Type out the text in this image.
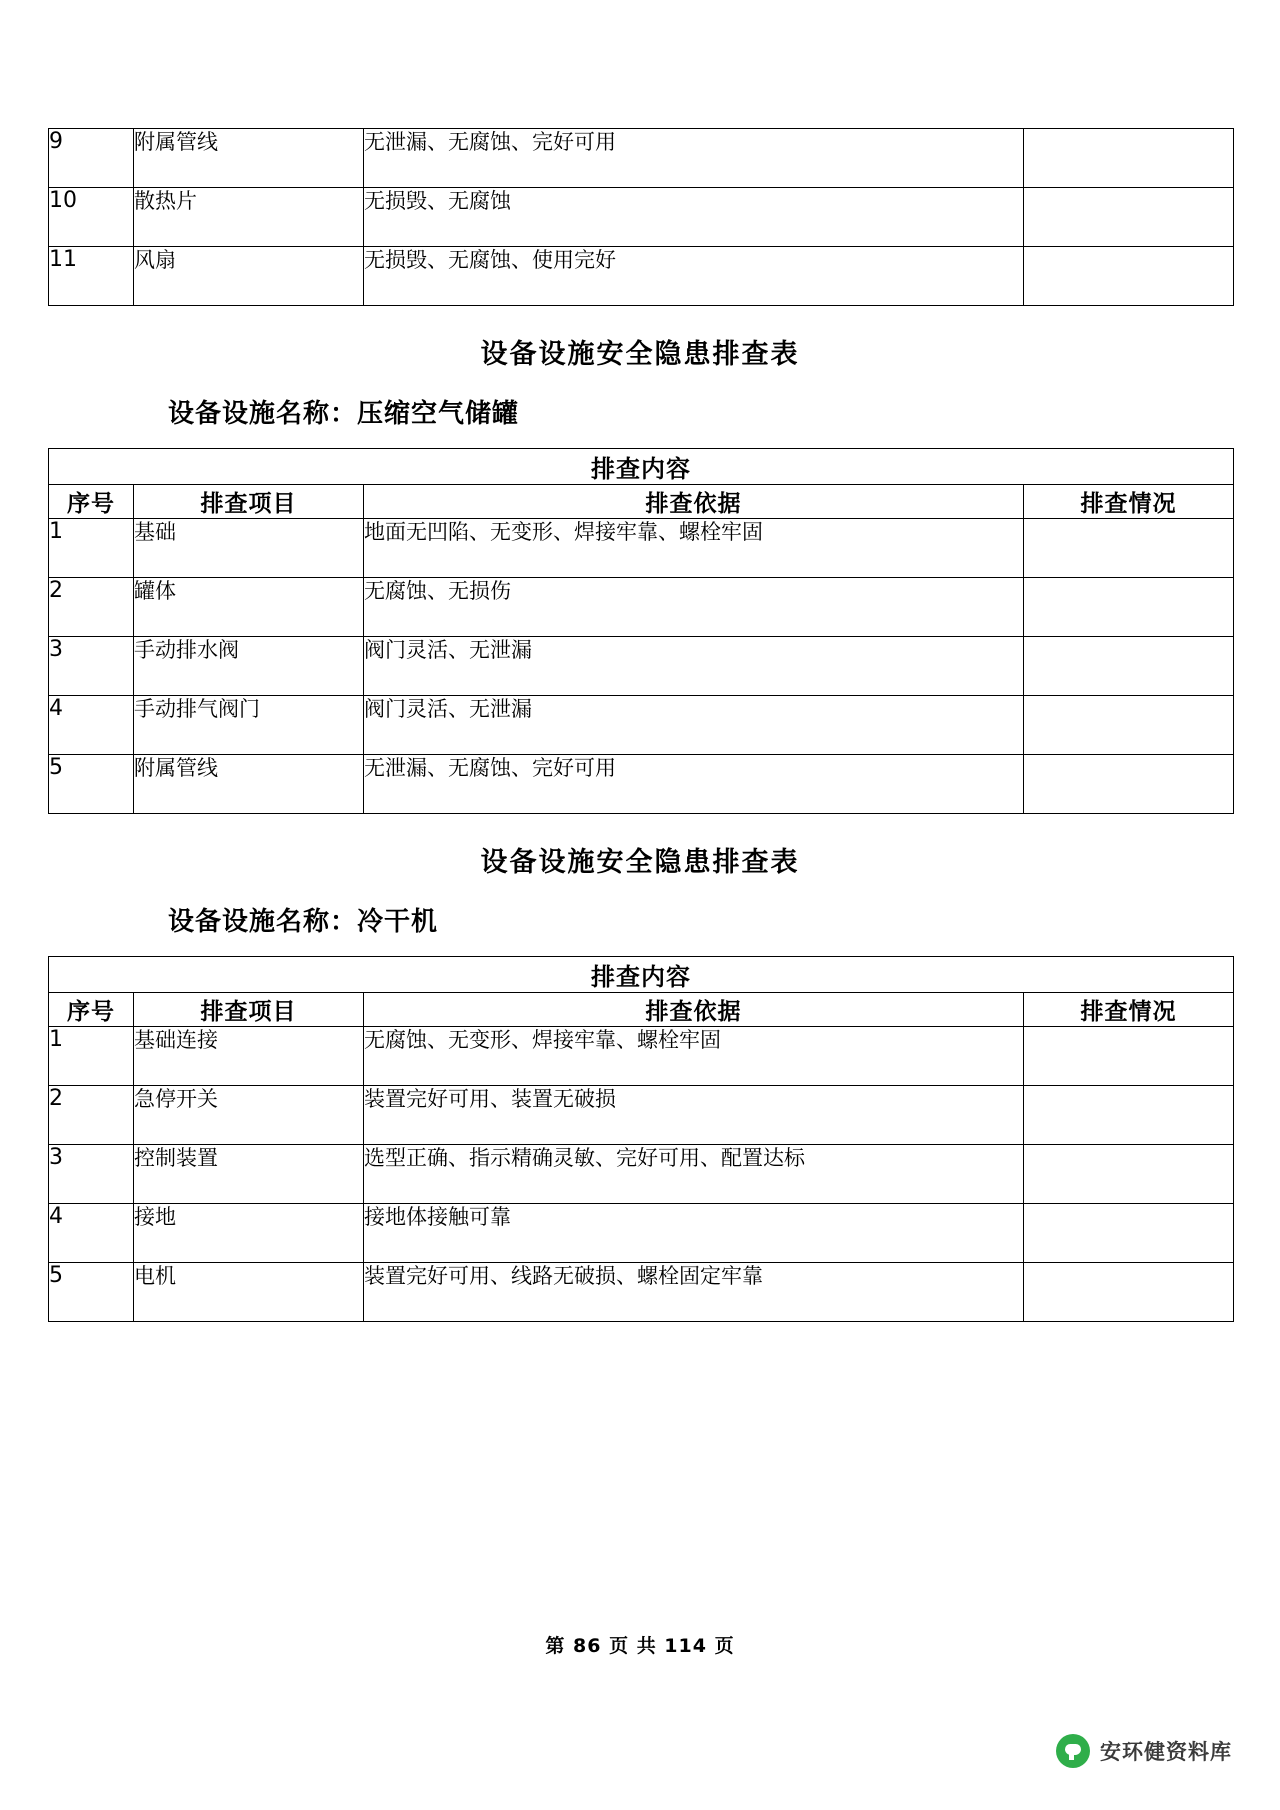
9	附属管线	无泄漏、无腐蚀、完好可用	
10	散热片	无损毁、无腐蚀	
11	风扇	无损毁、无腐蚀、使用完好	
设备设施安全隐患排查表
设备设施名称：压缩空气储罐
排查内容			
序号	排查项目	排查依据	排查情况
1	基础	地面无凹陷、无变形、焊接牢靠、螺栓牢固	
2	罐体	无腐蚀、无损伤	
3	手动排水阀	阀门灵活、无泄漏	
4	手动排气阀门	阀门灵活、无泄漏	
5	附属管线	无泄漏、无腐蚀、完好可用	
设备设施安全隐患排查表
设备设施名称：冷干机
排查内容			
序号	排查项目	排查依据	排查情况
1	基础连接	无腐蚀、无变形、焊接牢靠、螺栓牢固	
2	急停开关	装置完好可用、装置无破损	
3	控制装置	选型正确、指示精确灵敏、完好可用、配置达标	
4	接地	接地体接触可靠	
5	电机	装置完好可用、线路无破损、螺栓固定牢靠	
第 86 页 共 114 页
安环健资料库
